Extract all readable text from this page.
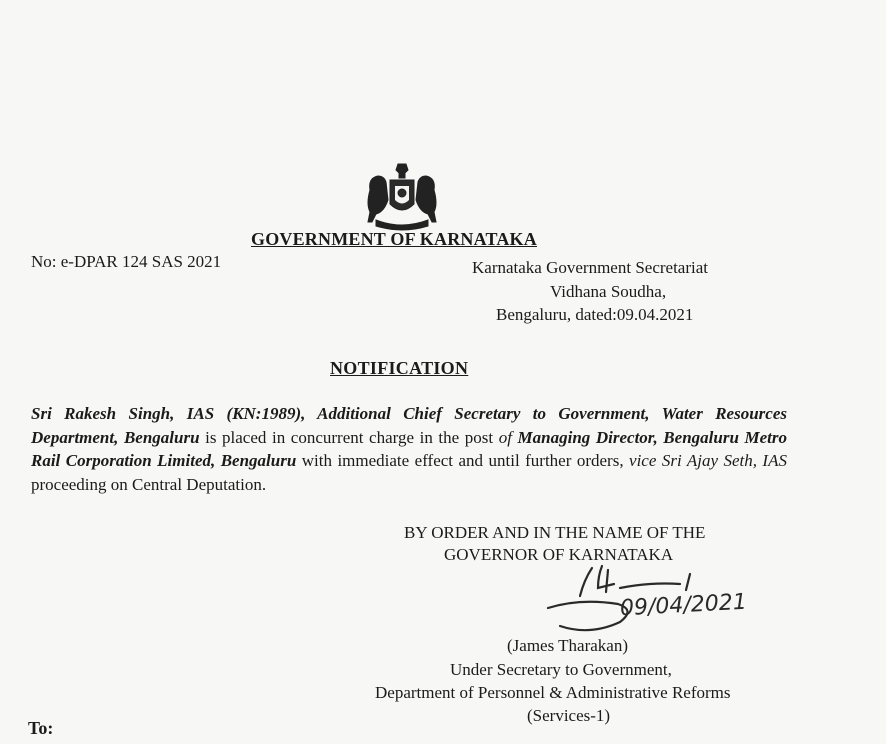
GOVERNMENT OF KARNATAKA
No: e-DPAR 124 SAS 2021	Karnataka Government Secretariat
Vidhana Soudha,
Bengaluru, dated:09.04.2021
NOTIFICATION
Sri Rakesh Singh, IAS (KN:1989), Additional Chief Secretary to Government, Water Resources Department, Bengaluru is placed in concurrent charge in the post of Managing Director, Bengaluru Metro Rail Corporation Limited, Bengaluru with immediate effect and until further orders, vice Sri Ajay Seth, IAS proceeding on Central Deputation.
BY ORDER AND IN THE NAME OF THE
GOVERNOR OF KARNATAKA
09/04/2021
(James Tharakan)
Under Secretary to Government,
Department of Personnel & Administrative Reforms
(Services-1)
To:
